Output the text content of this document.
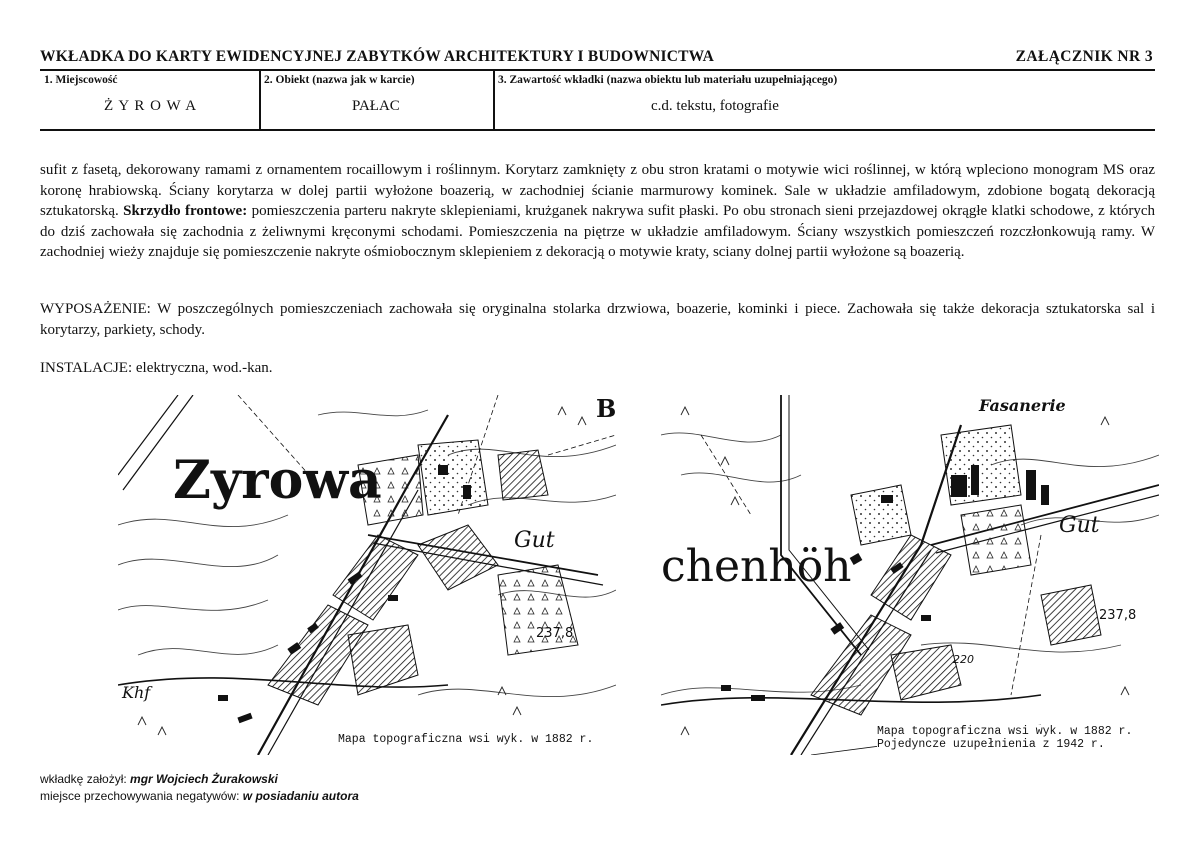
WKŁADKA DO KARTY EWIDENCYJNEJ ZABYTKÓW ARCHITEKTURY I BUDOWNICTWA	ZAŁĄCZNIK NR 3
1. Miejscowość
Ż Y R O W A
2. Obiekt (nazwa jak w karcie)
PAŁAC
3. Zawartość wkładki (nazwa obiektu lub materiału uzupełniającego)
c.d. tekstu, fotografie

sufit z fasetą, dekorowany ramami z ornamentem rocaillowym i roślinnym. Korytarz zamknięty z obu stron kratami o motywie wici roślinnej, w którą wpleciono monogram MS oraz koronę hrabiowską. Ściany korytarza w dolej partii wyłożone boazerią, w zachodniej ścianie marmurowy kominek. Sale w układzie amfiladowym, zdobione bogatą dekoracją sztukatorską. Skrzydło frontowe: pomieszczenia parteru nakryte sklepieniami, krużganek nakrywa sufit płaski. Po obu stronach sieni przejazdowej okrągłe klatki schodowe, z których do dziś zachowała się zachodnia z żeliwnymi kręconymi schodami. Pomieszczenia na piętrze w układzie amfiladowym. Ściany wszystkich pomieszczeń rozczłonkowują ramy. W zachodniej wieży znajduje się pomieszczenie nakryte ośmiobocznym sklepieniem z dekoracją o motywie kraty, sciany dolnej partii wyłożone są boazerią.

WYPOSAŻENIE: W poszczególnych pomieszczeniach zachowała się oryginalna stolarka drzwiowa, boazerie, kominki i piece. Zachowała się także dekoracja sztukatorska sal i korytarzy, parkiety, schody.

INSTALACJE: elektryczna, wod.-kan.

Zyrowa
Gut
237,8
B
Khf
Mapa topograficzna wsi wyk. w 1882 r.
chenhöh
Gut
237,8
220
Fasanerie
Mapa topograficzna wsi wyk. w 1882 r.
Pojedyncze uzupełnienia z 1942 r.
wkładkę założył: mgr Wojciech Żurakowski
miejsce przechowywania negatywów: w posiadaniu autora
